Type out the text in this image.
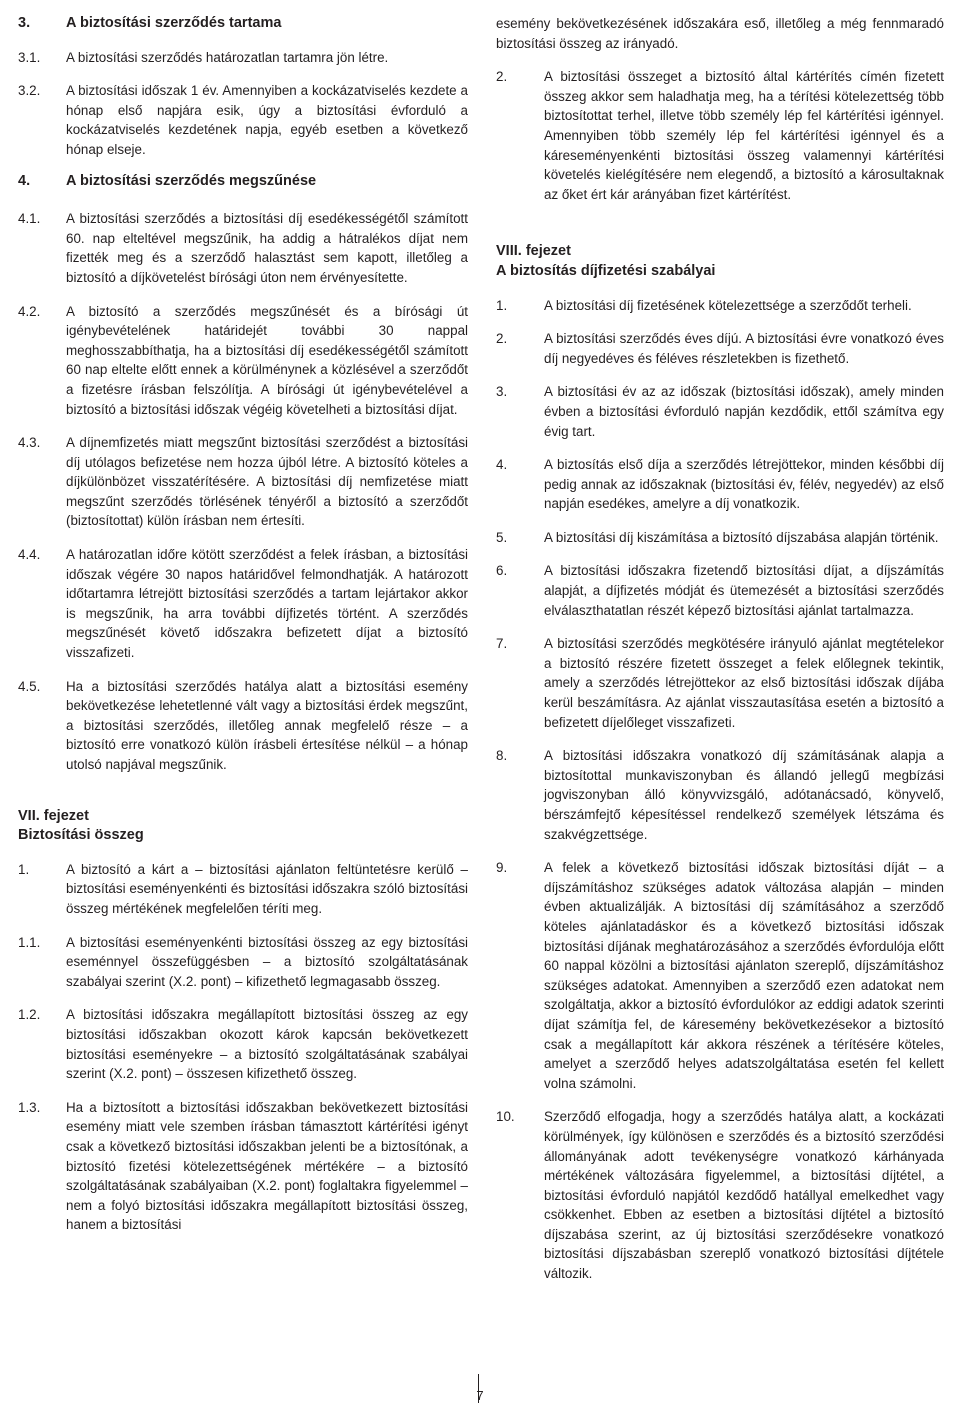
3.	A biztosítási szerződés tartama
3.1.	A biztosítási szerződés határozatlan tartamra jön létre.
3.2.	A biztosítási időszak 1 év. Amennyiben a kockázatviselés kezdete a hónap első napjára esik, úgy a biztosítási évforduló a kockázatviselés kezdetének napja, egyéb esetben a következő hónap elseje.
4.	A biztosítási szerződés megszűnése
4.1.	A biztosítási szerződés a biztosítási díj esedékességétől számított 60. nap elteltével megszűnik, ha addig a hátralékos díjat nem fizették meg és a szerződő halasztást sem kapott, illetőleg a biztosító a díjkövetelést bírósági úton nem érvényesítette.
4.2.	A biztosító a szerződés megszűnését és a bírósági út igénybevételének határidejét további 30 nappal meghosszabbíthatja, ha a biztosítási díj esedékességétől számított 60 nap eltelte előtt ennek a körülménynek a közlésével a szerződőt a fizetésre írásban felszólítja. A bírósági út igénybevételével a biztosító a biztosítási időszak végéig követelheti a biztosítási díjat.
4.3.	A díjnemfizetés miatt megszűnt biztosítási szerződést a biztosítási díj utólagos befizetése nem hozza újból létre. A biztosító köteles a díjkülönbözet visszatérítésére. A biztosítási díj nemfizetése miatt megszűnt szerződés törlésének tényéről a biztosító a szerződőt (biztosítottat) külön írásban nem értesíti.
4.4.	A határozatlan időre kötött szerződést a felek írásban, a biztosítási időszak végére 30 napos határidővel felmondhatják. A határozott időtartamra létrejött biztosítási szerződés a tartam lejártakor akkor is megszűnik, ha arra további díjfizetés történt. A szerződés megszűnését követő időszakra befizetett díjat a biztosító visszafizeti.
4.5.	Ha a biztosítási szerződés hatálya alatt a biztosítási esemény bekövetkezése lehetetlenné vált vagy a biztosítási érdek megszűnt, a biztosítási szerződés, illetőleg annak megfelelő része – a biztosító erre vonatkozó külön írásbeli értesítése nélkül – a hónap utolsó napjával megszűnik.
VII. fejezet
Biztosítási összeg
1.	A biztosító a kárt a – biztosítási ajánlaton feltüntetésre kerülő – biztosítási eseményenkénti és biztosítási időszakra szóló biztosítási összeg mértékének megfelelően téríti meg.
1.1.	A biztosítási eseményenkénti biztosítási összeg az egy biztosítási eseménnyel összefüggésben – a biztosító szolgáltatásának szabályai szerint (X.2. pont) – kifizethető legmagasabb összeg.
1.2.	A biztosítási időszakra megállapított biztosítási összeg az egy biztosítási időszakban okozott károk kapcsán bekövetkezett biztosítási eseményekre – a biztosító szolgáltatásának szabályai szerint (X.2. pont) – összesen kifizethető összeg.
1.3.	Ha a biztosított a biztosítási időszakban bekövetkezett biztosítási esemény miatt vele szemben írásban támasztott kártérítési igényt csak a következő biztosítási időszakban jelenti be a biztosítónak, a biztosító fizetési kötelezettségének mértékére – a biztosító szolgáltatásának szabályaiban (X.2. pont) foglaltakra figyelemmel – nem a folyó biztosítási időszakra megállapított biztosítási összeg, hanem a biztosítási
esemény bekövetkezésének időszakára eső, illetőleg a még fennmaradó biztosítási összeg az irányadó.
2.	A biztosítási összeget a biztosító által kártérítés címén fizetett összeg akkor sem haladhatja meg, ha a térítési kötelezettség több biztosítottat terhel, illetve több személy lép fel kártérítési igénnyel. Amennyiben több személy lép fel kártérítési igénnyel és a káreseményenkénti biztosítási összeg valamennyi kártérítési követelés kielégítésére nem elegendő, a biztosító a károsultaknak az őket ért kár arányában fizet kártérítést.
VIII. fejezet
A biztosítás díjfizetési szabályai
1.	A biztosítási díj fizetésének kötelezettsége a szerződőt terheli.
2.	A biztosítási szerződés éves díjú. A biztosítási évre vonatkozó éves díj negyedéves és féléves részletekben is fizethető.
3.	A biztosítási év az az időszak (biztosítási időszak), amely minden évben a biztosítási évforduló napján kezdődik, ettől számítva egy évig tart.
4.	A biztosítás első díja a szerződés létrejöttekor, minden későbbi díj pedig annak az időszaknak (biztosítási év, félév, negyedév) az első napján esedékes, amelyre a díj vonatkozik.
5.	A biztosítási díj kiszámítása a biztosító díjszabása alapján történik.
6.	A biztosítási időszakra fizetendő biztosítási díjat, a díjszámítás alapját, a díjfizetés módját és ütemezését a biztosítási szerződés elválaszthatatlan részét képező biztosítási ajánlat tartalmazza.
7.	A biztosítási szerződés megkötésére irányuló ajánlat megtételekor a biztosító részére fizetett összeget a felek előlegnek tekintik, amely a szerződés létrejöttekor az első biztosítási időszak díjába kerül beszámításra. Az ajánlat visszautasítása esetén a biztosító a befizetett díjelőleget visszafizeti.
8.	A biztosítási időszakra vonatkozó díj számításának alapja a biztosítottal munkaviszonyban és állandó jellegű megbízási jogviszonyban álló könyvvizsgáló, adótanácsadó, könyvelő, bérszámfejtő képesítéssel rendelkező személyek létszáma és szakvégzettsége.
9.	A felek a következő biztosítási időszak biztosítási díját – a díjszámításhoz szükséges adatok változása alapján – minden évben aktualizálják. A biztosítási díj számításához a szerződő köteles ajánlatadáskor és a következő biztosítási időszak biztosítási díjának meghatározásához a szerződés évfordulója előtt 60 nappal közölni a biztosítási ajánlaton szereplő, díjszámításhoz szükséges adatokat. Amennyiben a szerződő ezen adatokat nem szolgáltatja, akkor a biztosító évfordulókor az eddigi adatok szerinti díjat számítja fel, de káresemény bekövetkezésekor a biztosító csak a megállapított kár akkora részének a térítésére köteles, amelyet a szerződő helyes adatszolgáltatása esetén fel kellett volna számolni.
10.	Szerződő elfogadja, hogy a szerződés hatálya alatt, a kockázati körülmények, így különösen e szerződés és a biztosító szerződési állományának adott tevékenységre vonatkozó kárhányada mértékének változására figyelemmel, a biztosítási díjtétel, a biztosítási évforduló napjától kezdődő hatállyal emelkedhet vagy csökkenhet. Ebben az esetben a biztosítási díjtétel a biztosító díjszabása szerint, az új biztosítási szerződésekre vonatkozó biztosítási díjszabásban szereplő vonatkozó biztosítási díjtétele változik.
7
